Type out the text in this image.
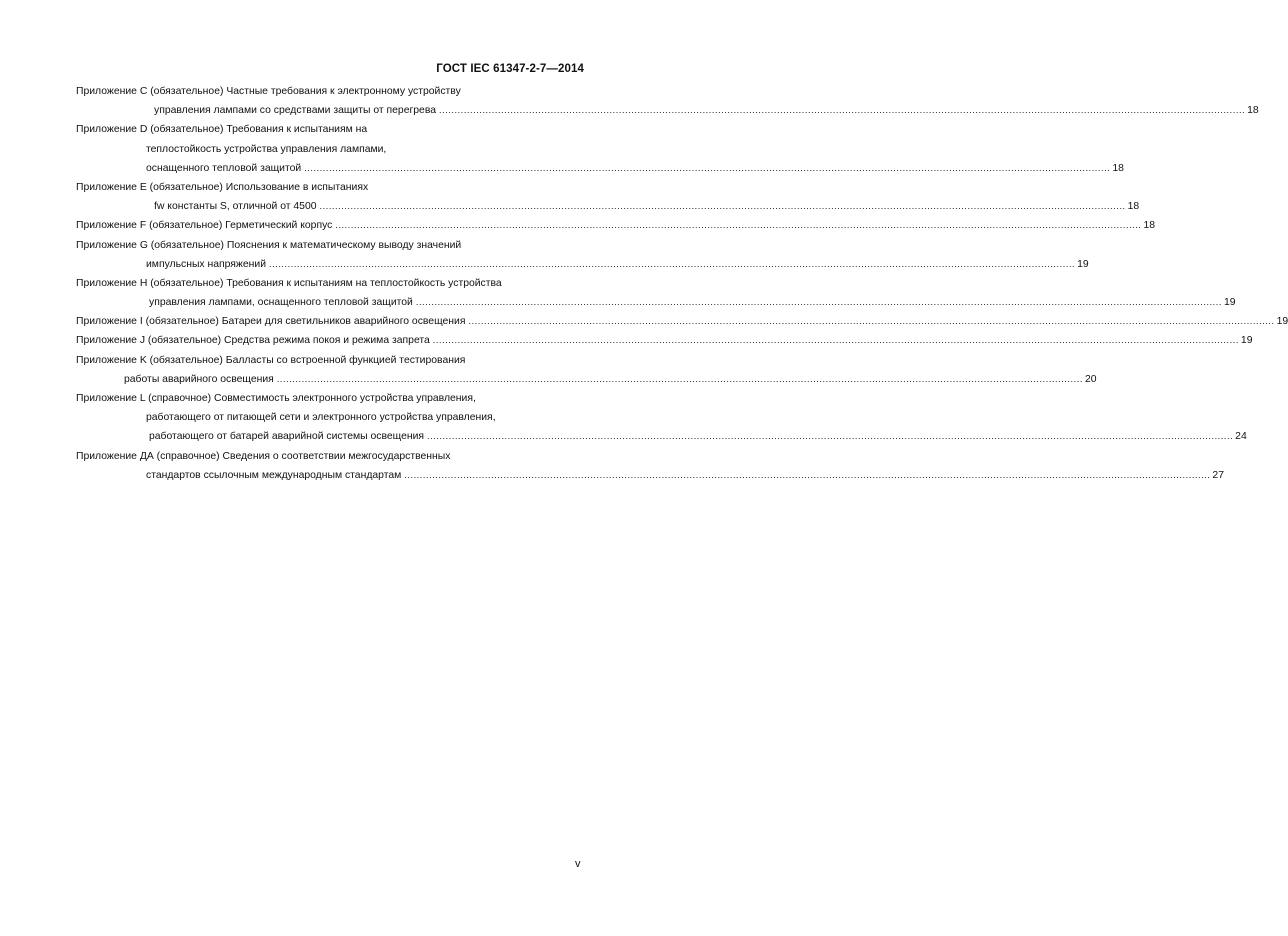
ГОСТ IEC 61347-2-7—2014
Приложение С (обязательное) Частные требования к электронному устройству
управления лампами со средствами защиты от перегрева .................................................................................................................................................................................................................................................................... 18
Приложение D (обязательное) Требования к испытаниям на
теплостойкость устройства управления лампами,
оснащенного тепловой защитой .................................................................................................................................................................................................................................................................... 18
Приложение Е (обязательное) Использование в испытаниях
fw константы S, отличной от 4500 .................................................................................................................................................................................................................................................................... 18
Приложение F (обязательное) Герметический корпус .................................................................................................................................................................................................................................................................... 18
Приложение G (обязательное) Пояснения к математическому выводу значений
импульсных напряжений .................................................................................................................................................................................................................................................................... 19
Приложение H (обязательное) Требования к испытаниям на теплостойкость устройства
управления лампами, оснащенного тепловой защитой .................................................................................................................................................................................................................................................................... 19
Приложение I (обязательное) Батареи для светильников аварийного освещения .................................................................................................................................................................................................................................................................... 19
Приложение J (обязательное) Средства режима покоя и режима запрета .................................................................................................................................................................................................................................................................... 19
Приложение K (обязательное) Балласты со встроенной функцией тестирования
работы аварийного освещения .................................................................................................................................................................................................................................................................... 20
Приложение L (справочное) Совместимость электронного устройства управления,
работающего от питающей сети и электронного устройства управления,
работающего от батарей аварийной системы освещения .................................................................................................................................................................................................................................................................... 24
Приложение ДА (справочное) Сведения о соответствии межгосударственных
стандартов ссылочным международным стандартам .................................................................................................................................................................................................................................................................... 27
v
